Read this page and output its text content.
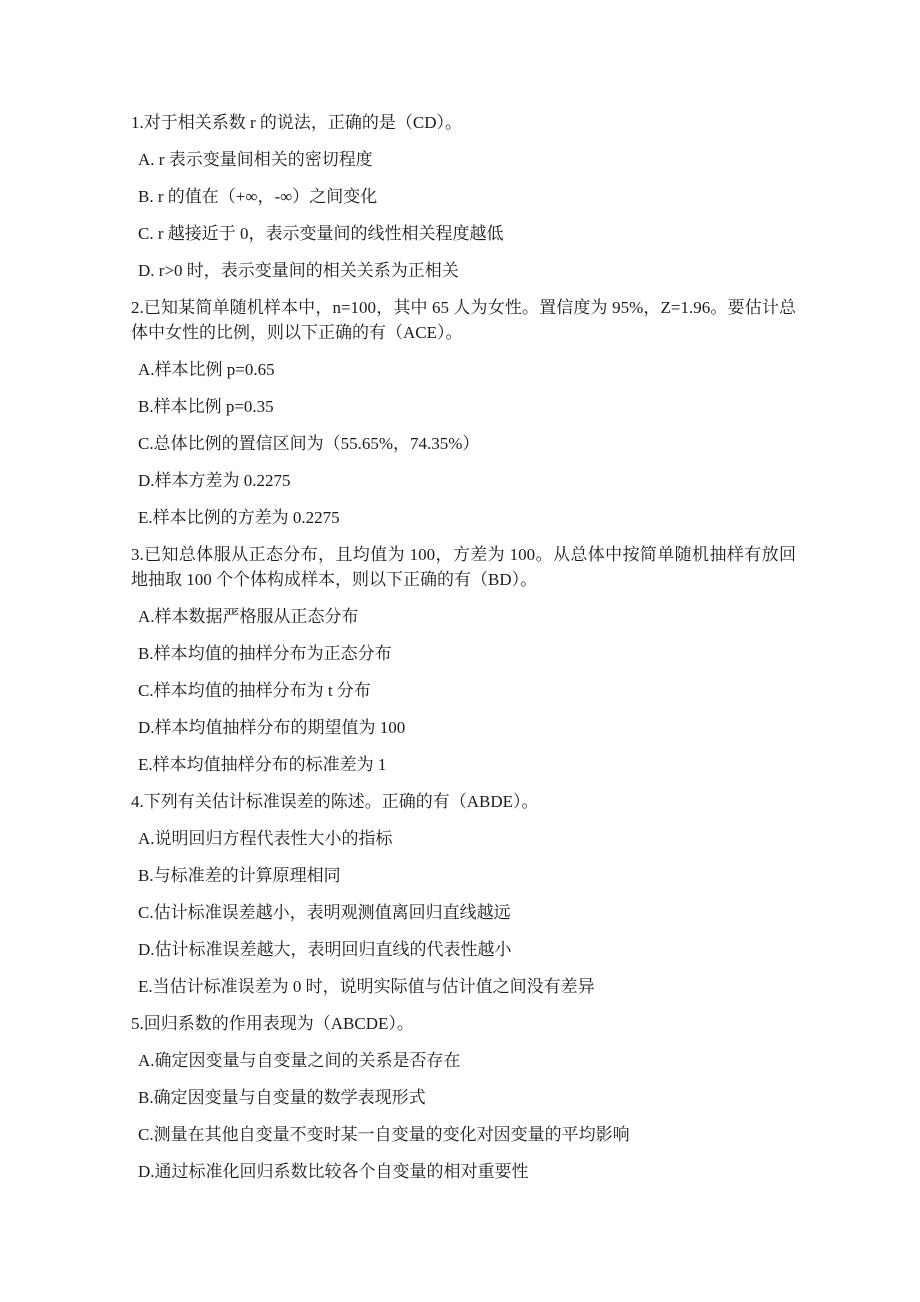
1.对于相关系数 r 的说法，正确的是（CD）。

A. r 表示变量间相关的密切程度

B. r 的值在（+∞，-∞）之间变化

C. r 越接近于 0，表示变量间的线性相关程度越低

D. r>0 时，表示变量间的相关关系为正相关

2.已知某简单随机样本中，n=100，其中 65 人为女性。置信度为 95%，Z=1.96。要估计总体中女性的比例，则以下正确的有（ACE）。

A.样本比例 p=0.65

B.样本比例 p=0.35

C.总体比例的置信区间为（55.65%，74.35%）

D.样本方差为 0.2275

E.样本比例的方差为 0.2275

3.已知总体服从正态分布，且均值为 100，方差为 100。从总体中按简单随机抽样有放回地抽取 100 个个体构成样本，则以下正确的有（BD）。

A.样本数据严格服从正态分布

B.样本均值的抽样分布为正态分布

C.样本均值的抽样分布为 t 分布

D.样本均值抽样分布的期望值为 100

E.样本均值抽样分布的标准差为 1

4.下列有关估计标准误差的陈述。正确的有（ABDE）。

A.说明回归方程代表性大小的指标

B.与标准差的计算原理相同

C.估计标准误差越小，表明观测值离回归直线越远

D.估计标准误差越大，表明回归直线的代表性越小

E.当估计标准误差为 0 时，说明实际值与估计值之间没有差异

5.回归系数的作用表现为（ABCDE）。

A.确定因变量与自变量之间的关系是否存在

B.确定因变量与自变量的数学表现形式

C.测量在其他自变量不变时某一自变量的变化对因变量的平均影响

D.通过标准化回归系数比较各个自变量的相对重要性
